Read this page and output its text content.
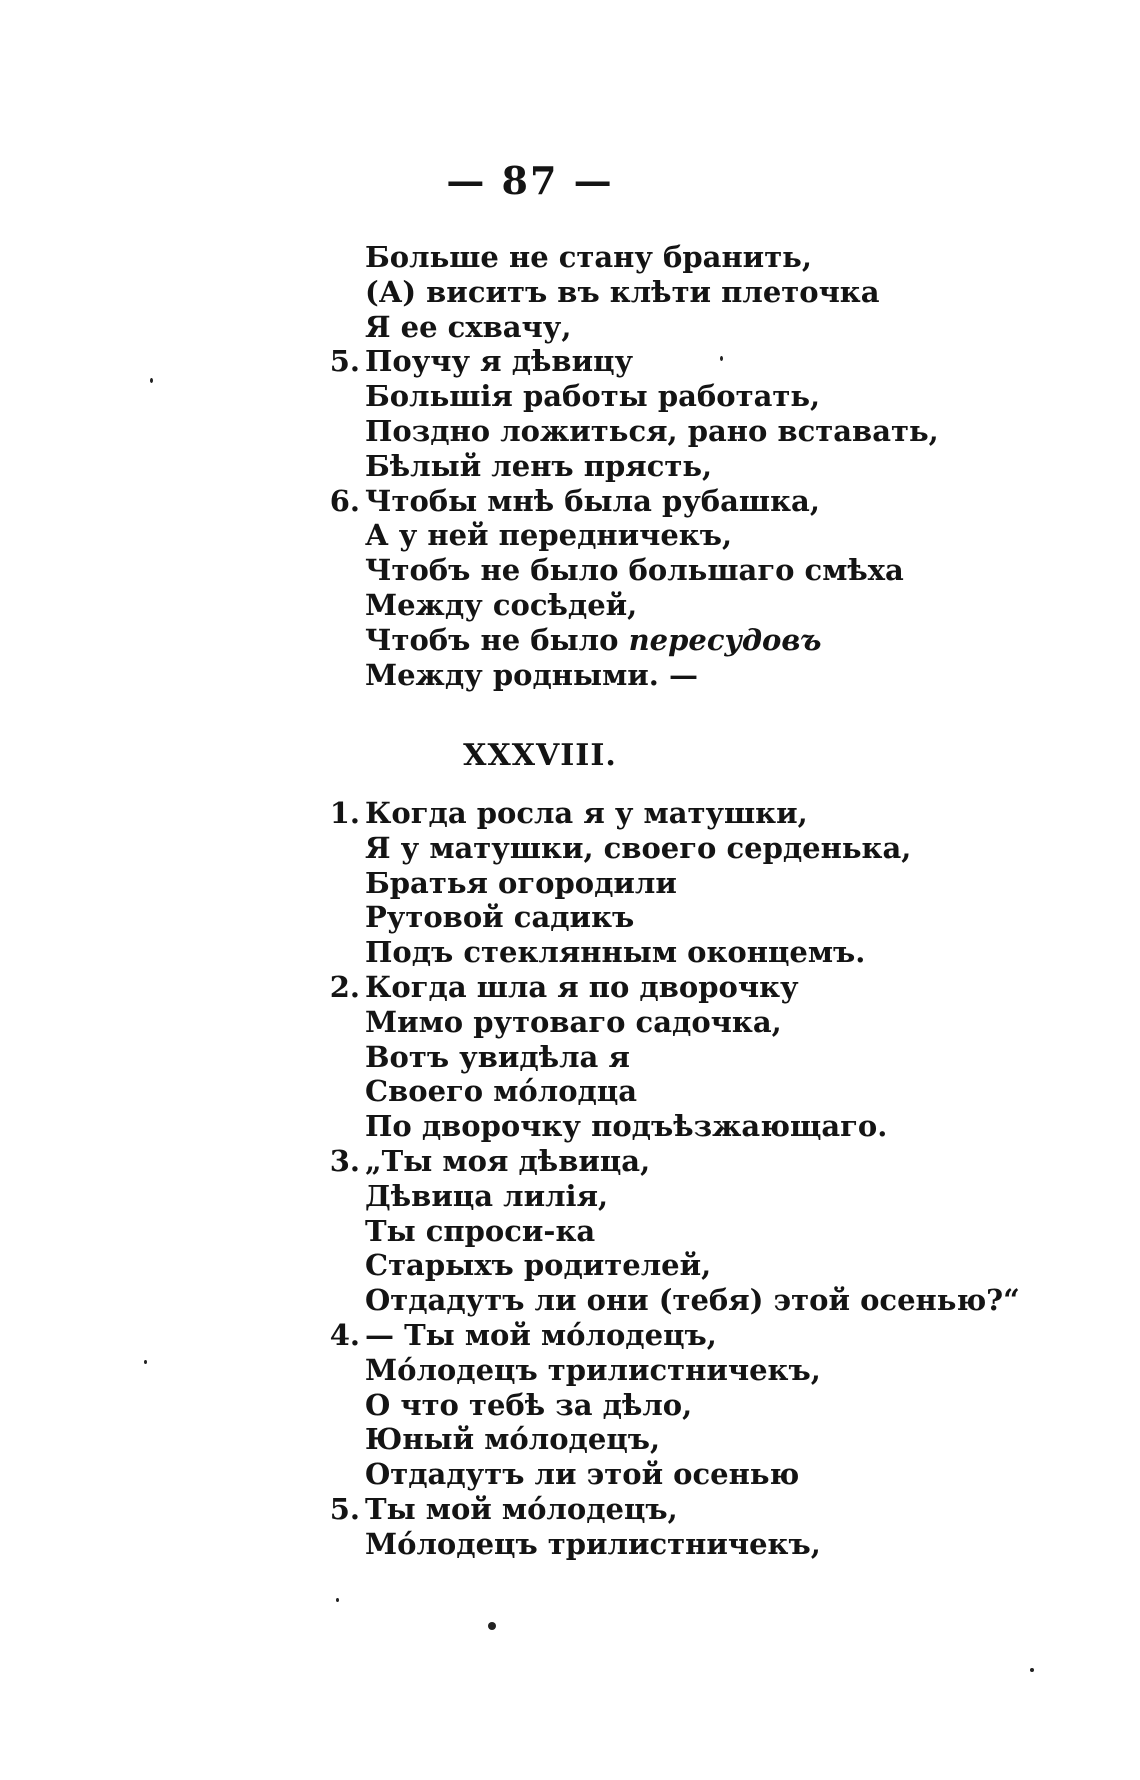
— 87 —
Больше не стану бранить,
(А) виситъ въ клѣти плеточка
Я ее схвачу,
5. Поучу я дѣвицу
Большiя работы работать,
Поздно ложиться, рано вставать,
Бѣлый ленъ прясть,
6. Чтобы мнѣ была рубашка,
А у ней передничекъ,
Чтобъ не было большаго смѣха
Между сосѣдей,
Чтобъ не было пересудовъ
Между родными. —
XXXVIII.
1. Когда росла я у матушки,
Я у матушки, своего серденька,
Братья огородили
Рутовой садикъ
Подъ стеклянным оконцемъ.
2. Когда шла я по дворочку
Мимо рутоваго садочка,
Вотъ увидѣла я
Своего мóлодца
По дворочку подъѣзжающаго.
3. „Ты моя дѣвица,
Дѣвица лилiя,
Ты спроси-ка
Старыхъ родителей,
Отдадутъ ли они (тебя) этой осенью?“
4. — Ты мой мóлодецъ,
Мóлодецъ трилистничекъ,
О что тебѣ за дѣло,
Юный мóлодецъ,
Отдадутъ ли этой осенью
5. Ты мой мóлодецъ,
Мóлодецъ трилистничекъ,
